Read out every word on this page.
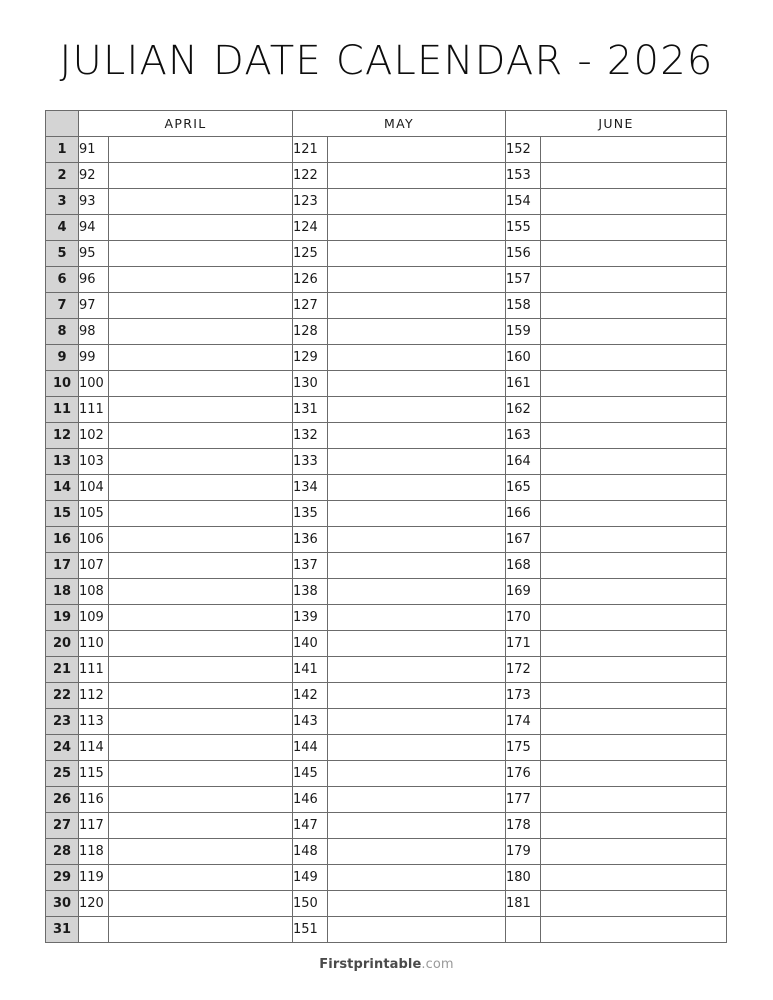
JULIAN DATE CALENDAR - 2026
	APRIL		MAY		JUNE	
1	91		121		152	
2	92		122		153	
3	93		123		154	
4	94		124		155	
5	95		125		156	
6	96		126		157	
7	97		127		158	
8	98		128		159	
9	99		129		160	
10	100		130		161	
11	111		131		162	
12	102		132		163	
13	103		133		164	
14	104		134		165	
15	105		135		166	
16	106		136		167	
17	107		137		168	
18	108		138		169	
19	109		139		170	
20	110		140		171	
21	111		141		172	
22	112		142		173	
23	113		143		174	
24	114		144		175	
25	115		145		176	
26	116		146		177	
27	117		147		178	
28	118		148		179	
29	119		149		180	
30	120		150		181	
31			151			
Firstprintable.com
